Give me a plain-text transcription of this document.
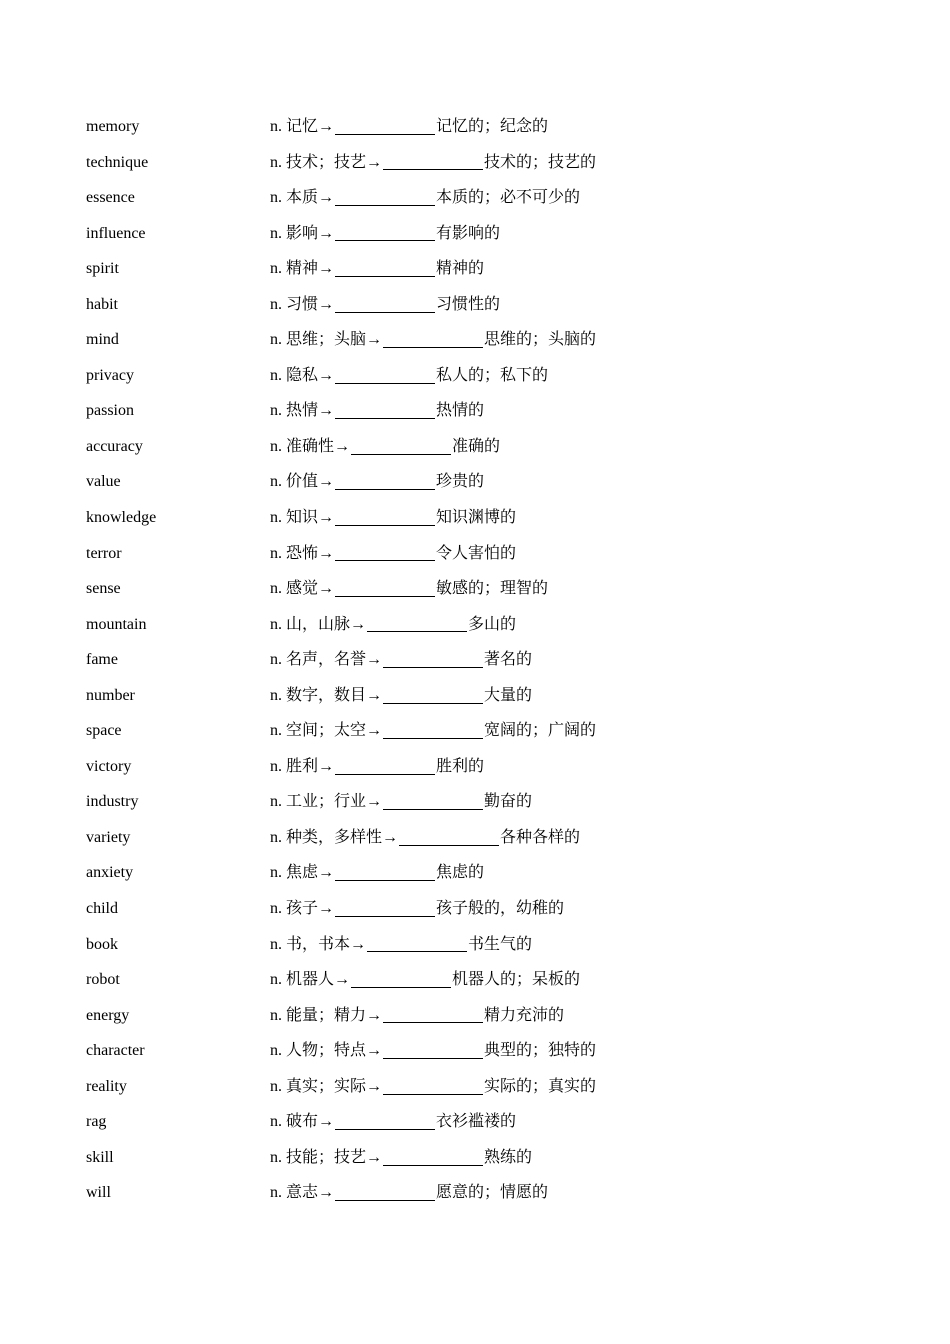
memory	n. 记忆 →	记忆的；纪念的
technique	n. 技术；技艺 →	技术的；技艺的
essence	n. 本质 →	本质的；必不可少的
influence	n. 影响 →	有影响的
spirit	n. 精神 →	精神的
habit	n. 习惯 →	习惯性的
mind	n. 思维；头脑 →	思维的；头脑的
privacy	n. 隐私 →	私人的；私下的
passion	n. 热情 →	热情的
accuracy	n. 准确性 →	准确的
value	n. 价值 →	珍贵的
knowledge	n. 知识 →	知识渊博的
terror	n. 恐怖 →	令人害怕的
sense	n. 感觉 →	敏感的；理智的
mountain	n. 山，山脉 →	多山的
fame	n. 名声，名誉 →	著名的
number	n. 数字，数目 →	大量的
space	n. 空间；太空 →	宽阔的；广阔的
victory	n. 胜利 →	胜利的
industry	n. 工业；行业 →	勤奋的
variety	n. 种类，多样性 →	各种各样的
anxiety	n. 焦虑 →	焦虑的
child	n. 孩子 →	孩子般的，幼稚的
book	n. 书，书本 →	书生气的
robot	n. 机器人 →	机器人的；呆板的
energy	n. 能量；精力 →	精力充沛的
character	n. 人物；特点 →	典型的；独特的
reality	n. 真实；实际 →	实际的；真实的
rag	n. 破布 →	衣衫褴褛的
skill	n. 技能；技艺 →	熟练的
will	n. 意志 →	愿意的；情愿的
